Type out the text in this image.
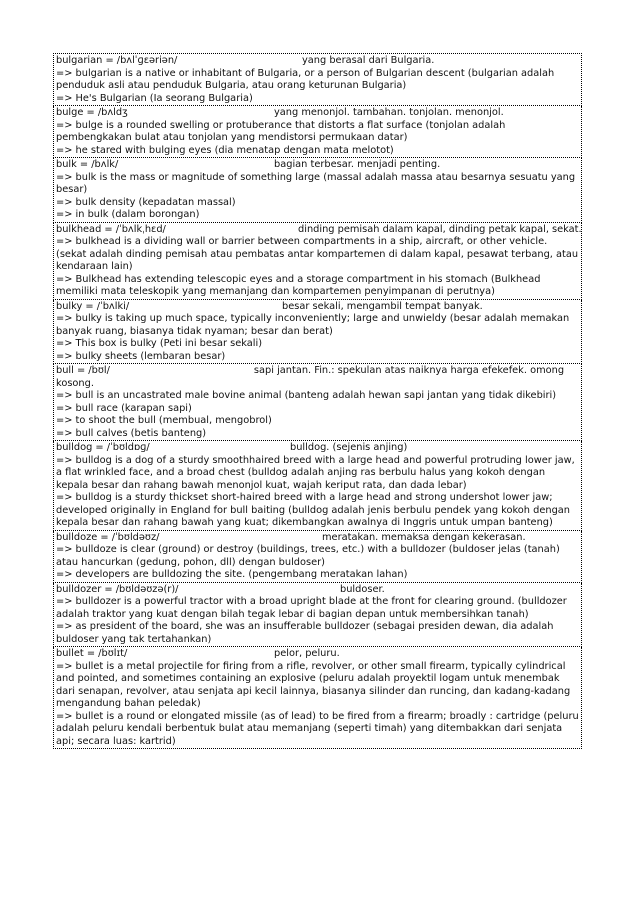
bulgarian = /bʌlˈɡɛəriən/	yang berasal dari Bulgaria.
=> bulgarian is a native or inhabitant of Bulgaria, or a person of Bulgarian descent (bulgarian adalah penduduk asli atau penduduk Bulgaria, atau orang keturunan Bulgaria)
=> He's Bulgarian (Ia seorang Bulgaria)
bulge = /bʌldʒ	yang menonjol. tambahan. tonjolan. menonjol.
=> bulge is a rounded swelling or protuberance that distorts a flat surface (tonjolan adalah pembengkakan bulat atau tonjolan yang mendistorsi permukaan datar)
=> he stared with bulging eyes (dia menatap dengan mata melotot)
bulk = /bʌlk/	bagian terbesar. menjadi penting.
=> bulk is the mass or magnitude of something large (massal adalah massa atau besarnya sesuatu yang besar)
=> bulk density (kepadatan massal)
=> in bulk (dalam borongan)
bulkhead = /ˈbʌlkˌhɛd/	dinding pemisah dalam kapal, dinding petak kapal, sekat.
=> bulkhead is a dividing wall or barrier between compartments in a ship, aircraft, or other vehicle. (sekat adalah dinding pemisah atau pembatas antar kompartemen di dalam kapal, pesawat terbang, atau kendaraan lain)
=> Bulkhead has extending telescopic eyes and a storage compartment in his stomach (Bulkhead memiliki mata teleskopik yang memanjang dan kompartemen penyimpanan di perutnya)
bulky = /ˈbʌlki/	besar sekali, mengambil tempat banyak.
=> bulky is taking up much space, typically inconveniently; large and unwieldy (besar adalah memakan banyak ruang, biasanya tidak nyaman; besar dan berat)
=> This box is bulky (Peti ini besar sekali)
=> bulky sheets (lembaran besar)
bull = /bʊl/	sapi jantan. Fin.: spekulan atas naiknya harga efekefek. omong kosong.
=> bull is an uncastrated male bovine animal (banteng adalah hewan sapi jantan yang tidak dikebiri)
=> bull race (karapan sapi)
=> to shoot the bull (membual, mengobrol)
=> bull calves (betis banteng)
bulldog = /ˈbʊldɒɡ/	bulldog. (sejenis anjing)
=> bulldog is a dog of a sturdy smoothhaired breed with a large head and powerful protruding lower jaw, a flat wrinkled face, and a broad chest (bulldog adalah anjing ras berbulu halus yang kokoh dengan kepala besar dan rahang bawah menonjol kuat, wajah keriput rata, dan dada lebar)
=> bulldog is a sturdy thickset short-haired breed with a large head and strong undershot lower jaw; developed originally in England for bull baiting (bulldog adalah jenis berbulu pendek yang kokoh dengan kepala besar dan rahang bawah yang kuat; dikembangkan awalnya di Inggris untuk umpan banteng)
bulldoze = /ˈbʊldəʊz/	meratakan. memaksa dengan kekerasan.
=> bulldoze is clear (ground) or destroy (buildings, trees, etc.) with a bulldozer (buldoser jelas (tanah) atau hancurkan (gedung, pohon, dll) dengan buldoser)
=> developers are bulldozing the site. (pengembang meratakan lahan)
bulldozer = /bʊldəʊzə(r)/	buldoser.
=> bulldozer is a powerful tractor with a broad upright blade at the front for clearing ground. (bulldozer adalah traktor yang kuat dengan bilah tegak lebar di bagian depan untuk membersihkan tanah)
=> as president of the board, she was an insufferable bulldozer (sebagai presiden dewan, dia adalah buldoser yang tak tertahankan)
bullet = /bʊlɪt/	pelor, peluru.
=> bullet is a metal projectile for firing from a rifle, revolver, or other small firearm, typically cylindrical and pointed, and sometimes containing an explosive (peluru adalah proyektil logam untuk menembak dari senapan, revolver, atau senjata api kecil lainnya, biasanya silinder dan runcing, dan kadang-kadang mengandung bahan peledak)
=> bullet is a round or elongated missile (as of lead) to be fired from a firearm; broadly : cartridge (peluru adalah peluru kendali berbentuk bulat atau memanjang (seperti timah) yang ditembakkan dari senjata api; secara luas: kartrid)
